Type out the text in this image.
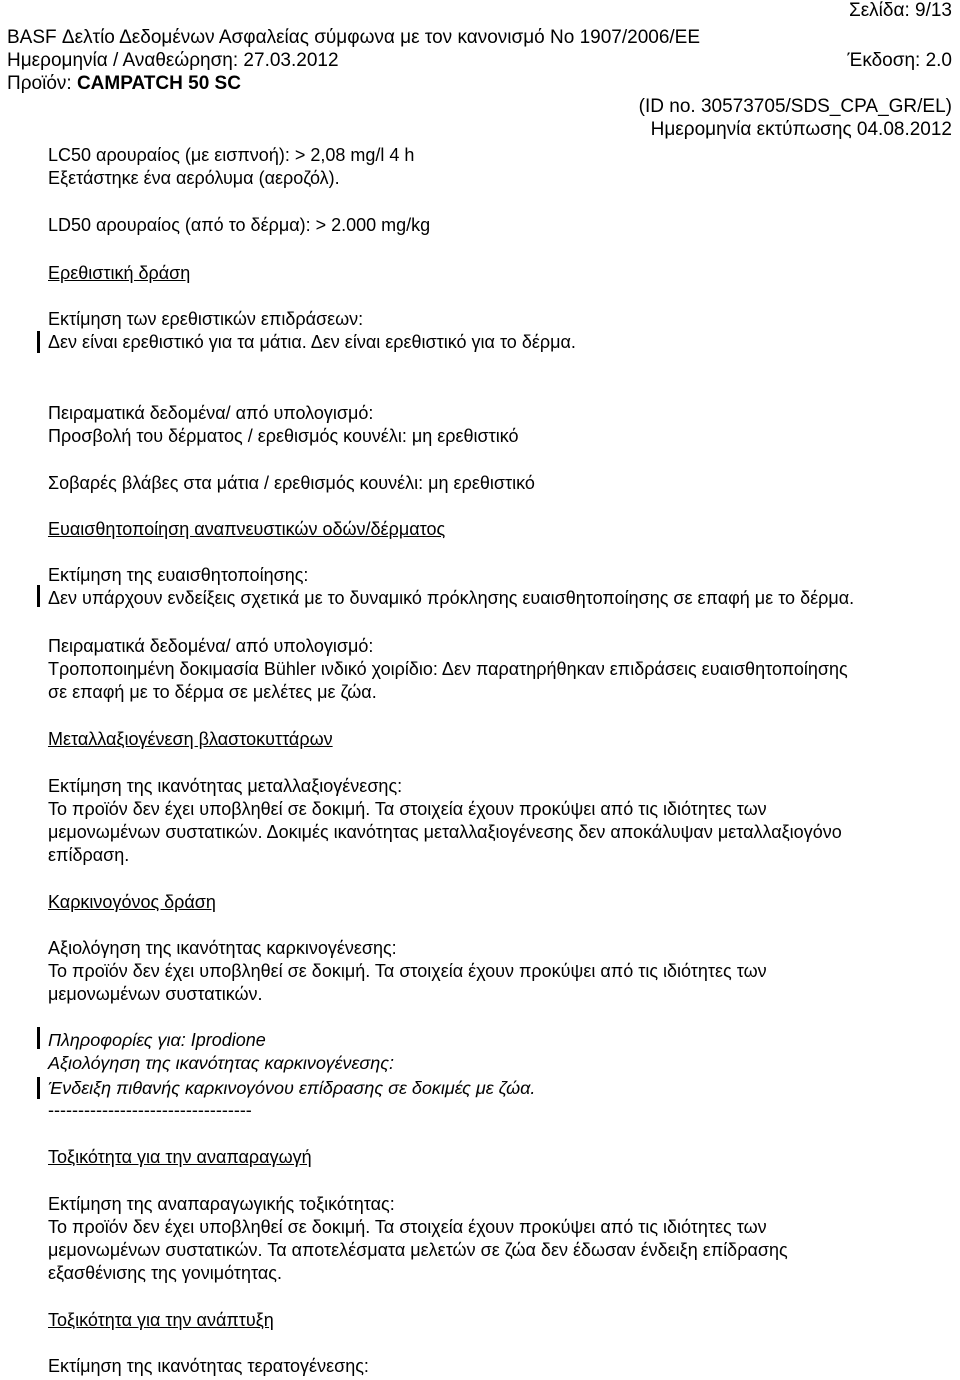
Σελίδα: 9/13
BASF Δελτίο Δεδομένων Ασφαλείας σύμφωνα με τον κανονισμό No 1907/2006/ΕΕ
Ημερομηνία / Αναθεώρηση: 27.03.2012	Έκδοση: 2.0
Προϊόν: CAMPATCH 50 SC
(ID no. 30573705/SDS_CPA_GR/EL)
Ημερομηνία εκτύπωσης 04.08.2012
LC50 αρουραίος (με εισπνοή): > 2,08 mg/l 4 h
Εξετάστηκε ένα αερόλυμα (αεροζόλ).
LD50 αρουραίος (από το δέρμα): > 2.000 mg/kg
Ερεθιστική δράση
Εκτίμηση των ερεθιστικών επιδράσεων:
Δεν είναι ερεθιστικό για τα μάτια. Δεν είναι ερεθιστικό για το δέρμα.
Πειραματικά δεδομένα/ από υπολογισμό:
Προσβολή του δέρματος / ερεθισμός κουνέλι: μη ερεθιστικό
Σοβαρές βλάβες στα μάτια / ερεθισμός κουνέλι: μη ερεθιστικό
Ευαισθητοποίηση αναπνευστικών οδών/δέρματος
Εκτίμηση της ευαισθητοποίησης:
Δεν υπάρχουν ενδείξεις σχετικά με το δυναμικό πρόκλησης ευαισθητοποίησης σε επαφή με το δέρμα.
Πειραματικά δεδομένα/ από υπολογισμό:
Τροποποιημένη δοκιμασία Bühler ινδικό χοιρίδιο: Δεν παρατηρήθηκαν επιδράσεις ευαισθητοποίησης
σε επαφή με το δέρμα σε μελέτες με ζώα.
Μεταλλαξιογένεση βλαστοκυττάρων
Εκτίμηση της ικανότητας μεταλλαξιογένεσης:
Το προϊόν δεν έχει υποβληθεί σε δοκιμή. Τα στοιχεία έχουν προκύψει από τις ιδιότητες των
μεμονωμένων συστατικών. Δοκιμές ικανότητας μεταλλαξιογένεσης δεν αποκάλυψαν μεταλλαξιογόνο
επίδραση.
Καρκινογόνος δράση
Αξιολόγηση της ικανότητας καρκινογένεσης:
Το προϊόν δεν έχει υποβληθεί σε δοκιμή. Τα στοιχεία έχουν προκύψει από τις ιδιότητες των
μεμονωμένων συστατικών.
Πληροφορίες για: Iprodione
Αξιολόγηση της ικανότητας καρκινογένεσης:
Ένδειξη πιθανής καρκινογόνου επίδρασης σε δοκιμές με ζώα.
----------------------------------
Τοξικότητα για την αναπαραγωγή
Εκτίμηση της αναπαραγωγικής τοξικότητας:
Το προϊόν δεν έχει υποβληθεί σε δοκιμή. Τα στοιχεία έχουν προκύψει από τις ιδιότητες των
μεμονωμένων συστατικών. Τα αποτελέσματα μελετών σε ζώα δεν έδωσαν ένδειξη επίδρασης
εξασθένισης της γονιμότητας.
Τοξικότητα για την ανάπτυξη
Εκτίμηση της ικανότητας τερατογένεσης:
